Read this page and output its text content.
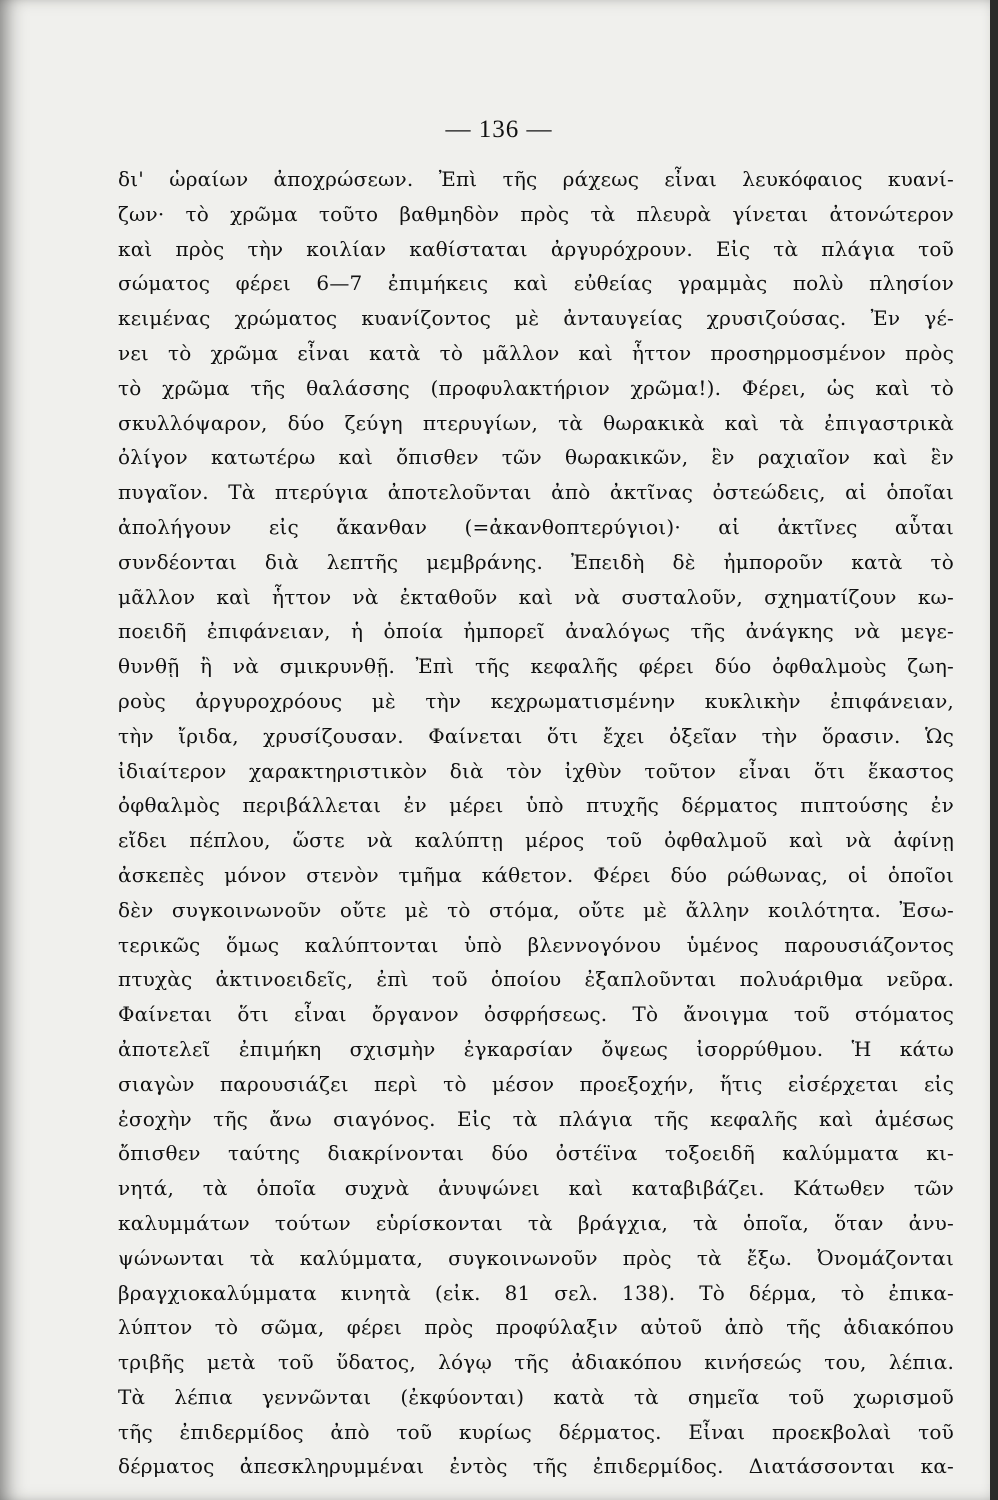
— 136 —
δι' ὡραίων ἀποχρώσεων. Ἐπὶ τῆς ράχεως εἶναι λευκόφαιος κυανί-
ζων· τὸ χρῶμα τοῦτο βαθμηδὸν πρὸς τὰ πλευρὰ γίνεται ἀτονώτερον
καὶ πρὸς τὴν κοιλίαν καθίσταται ἀργυρόχρουν. Εἰς τὰ πλάγια τοῦ
σώματος φέρει 6—7 ἐπιμήκεις καὶ εὐθείας γραμμὰς πολὺ πλησίον
κειμένας χρώματος κυανίζοντος μὲ ἀνταυγείας χρυσιζούσας. Ἐν γέ-
νει τὸ χρῶμα εἶναι κατὰ τὸ μᾶλλον καὶ ἧττον προσηρμοσμένον πρὸς
τὸ χρῶμα τῆς θαλάσσης (προφυλακτήριον χρῶμα!). Φέρει, ὡς καὶ τὸ
σκυλλόψαρον, δύο ζεύγη πτερυγίων, τὰ θωρακικὰ καὶ τὰ ἐπιγαστρικὰ
ὀλίγον κατωτέρω καὶ ὄπισθεν τῶν θωρακικῶν, ἓν ραχιαῖον καὶ ἓν
πυγαῖον. Τὰ πτερύγια ἀποτελοῦνται ἀπὸ ἀκτῖνας ὀστεώδεις, αἱ ὁποῖαι
ἀπολήγουν εἰς ἄκανθαν (=ἀκανθοπτερύγιοι)· αἱ ἀκτῖνες αὗται
συνδέονται διὰ λεπτῆς μεμβράνης. Ἐπειδὴ δὲ ἠμποροῦν κατὰ τὸ
μᾶλλον καὶ ἧττον νὰ ἐκταθοῦν καὶ νὰ συσταλοῦν, σχηματίζουν κω-
ποειδῆ ἐπιφάνειαν, ἡ ὁποία ἠμπορεῖ ἀναλόγως τῆς ἀνάγκης νὰ μεγε-
θυνθῇ ἢ νὰ σμικρυνθῇ. Ἐπὶ τῆς κεφαλῆς φέρει δύο ὀφθαλμοὺς ζωη-
ροὺς ἀργυροχρόους μὲ τὴν κεχρωματισμένην κυκλικὴν ἐπιφάνειαν,
τὴν ἴριδα, χρυσίζουσαν. Φαίνεται ὅτι ἔχει ὀξεῖαν τὴν ὅρασιν. Ὡς
ἰδιαίτερον χαρακτηριστικὸν διὰ τὸν ἰχθὺν τοῦτον εἶναι ὅτι ἕκαστος
ὀφθαλμὸς περιβάλλεται ἐν μέρει ὑπὸ πτυχῆς δέρματος πιπτούσης ἐν
εἴδει πέπλου, ὥστε νὰ καλύπτῃ μέρος τοῦ ὀφθαλμοῦ καὶ νὰ ἀφίνῃ
ἀσκεπὲς μόνον στενὸν τμῆμα κάθετον. Φέρει δύο ρώθωνας, οἱ ὁποῖοι
δὲν συγκοινωνοῦν οὔτε μὲ τὸ στόμα, οὔτε μὲ ἄλλην κοιλότητα. Ἐσω-
τερικῶς ὅμως καλύπτονται ὑπὸ βλεννογόνου ὑμένος παρουσιάζοντος
πτυχὰς ἀκτινοειδεῖς, ἐπὶ τοῦ ὁποίου ἐξαπλοῦνται πολυάριθμα νεῦρα.
Φαίνεται ὅτι εἶναι ὄργανον ὀσφρήσεως. Τὸ ἄνοιγμα τοῦ στόματος
ἀποτελεῖ ἐπιμήκη σχισμὴν ἐγκαρσίαν ὄψεως ἰσορρύθμου. Ἡ κάτω
σιαγὼν παρουσιάζει περὶ τὸ μέσον προεξοχήν, ἥτις εἰσέρχεται εἰς
ἐσοχὴν τῆς ἄνω σιαγόνος. Εἰς τὰ πλάγια τῆς κεφαλῆς καὶ ἀμέσως
ὄπισθεν ταύτης διακρίνονται δύο ὀστέϊνα τοξοειδῆ καλύμματα κι-
νητά, τὰ ὁποῖα συχνὰ ἀνυψώνει καὶ καταβιβάζει. Κάτωθεν τῶν
καλυμμάτων τούτων εὑρίσκονται τὰ βράγχια, τὰ ὁποῖα, ὅταν ἀνυ-
ψώνωνται τὰ καλύμματα, συγκοινωνοῦν πρὸς τὰ ἔξω. Ὀνομάζονται
βραγχιοκαλύμματα κινητὰ (εἰκ. 81 σελ. 138). Τὸ δέρμα, τὸ ἐπικα-
λύπτον τὸ σῶμα, φέρει πρὸς προφύλαξιν αὐτοῦ ἀπὸ τῆς ἀδιακόπου
τριβῆς μετὰ τοῦ ὕδατος, λόγῳ τῆς ἀδιακόπου κινήσεώς του, λέπια.
Τὰ λέπια γεννῶνται (ἐκφύονται) κατὰ τὰ σημεῖα τοῦ χωρισμοῦ
τῆς ἐπιδερμίδος ἀπὸ τοῦ κυρίως δέρματος. Εἶναι προεκβολαὶ τοῦ
δέρματος ἀπεσκληρυμμέναι ἐντὸς τῆς ἐπιδερμίδος. Διατάσσονται κα-
